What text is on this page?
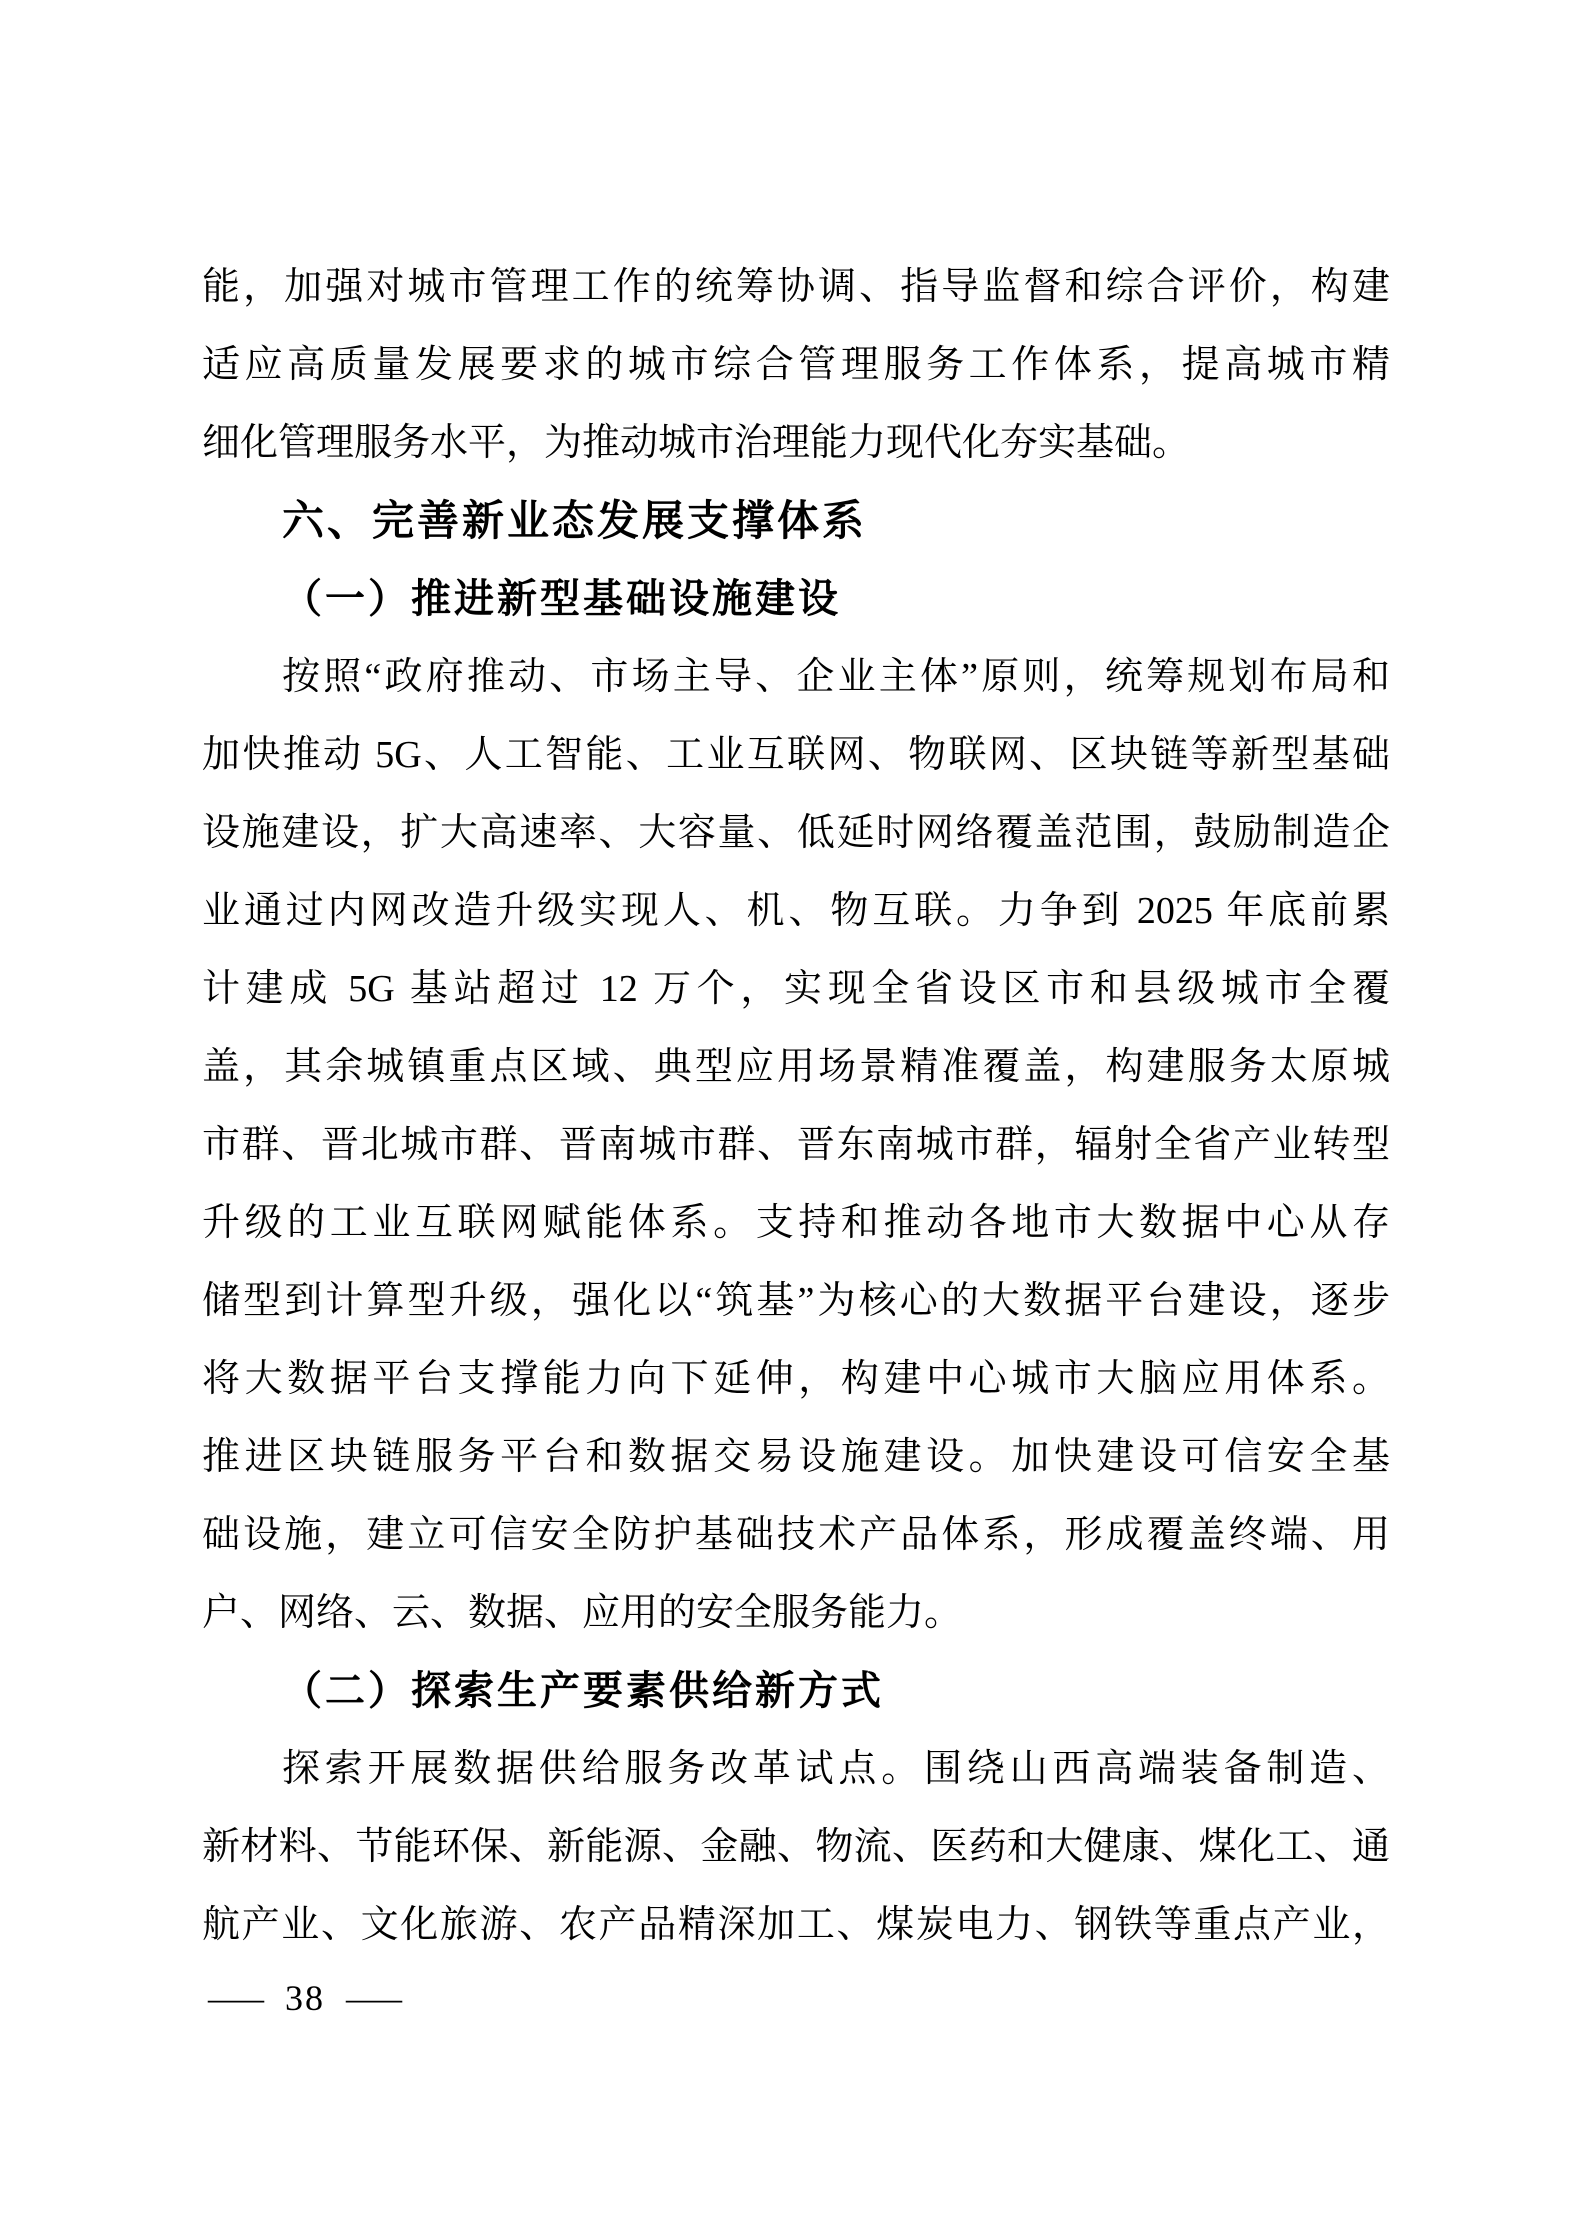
能，加强对城市管理工作的统筹协调、指导监督和综合评价，构建
适应高质量发展要求的城市综合管理服务工作体系，提高城市精
细化管理服务水平，为推动城市治理能力现代化夯实基础。
六、完善新业态发展支撑体系
（一）推进新型基础设施建设
按照“政府推动、市场主导、企业主体”原则，统筹规划布局和
加快推动 5G、人工智能、工业互联网、物联网、区块链等新型基础
设施建设，扩大高速率、大容量、低延时网络覆盖范围，鼓励制造企
业通过内网改造升级实现人、机、物互联。力争到 2025 年底前累
计建成 5G 基站超过 12 万个，实现全省设区市和县级城市全覆
盖，其余城镇重点区域、典型应用场景精准覆盖，构建服务太原城
市群、晋北城市群、晋南城市群、晋东南城市群，辐射全省产业转型
升级的工业互联网赋能体系。支持和推动各地市大数据中心从存
储型到计算型升级，强化以“筑基”为核心的大数据平台建设，逐步
将大数据平台支撑能力向下延伸，构建中心城市大脑应用体系。
推进区块链服务平台和数据交易设施建设。加快建设可信安全基
础设施，建立可信安全防护基础技术产品体系，形成覆盖终端、用
户、网络、云、数据、应用的安全服务能力。
（二）探索生产要素供给新方式
探索开展数据供给服务改革试点。围绕山西高端装备制造、
新材料、节能环保、新能源、金融、物流、医药和大健康、煤化工、通
航产业、文化旅游、农产品精深加工、煤炭电力、钢铁等重点产业，
— 38 —
